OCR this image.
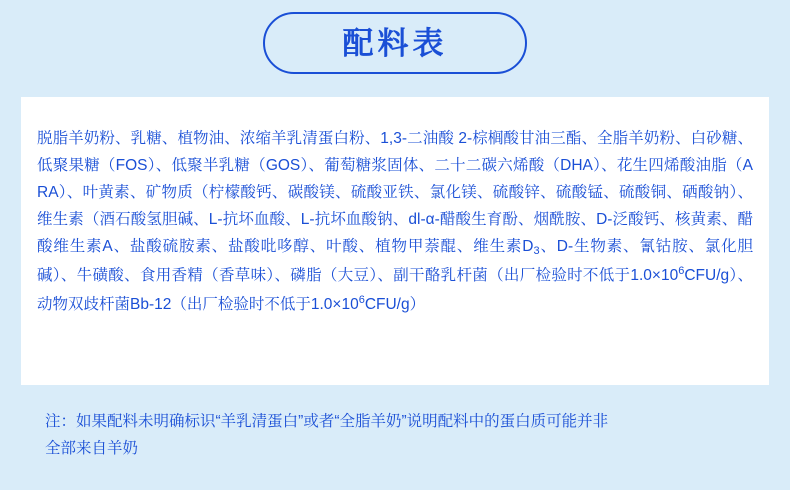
配料表
脱脂羊奶粉、乳糖、植物油、浓缩羊乳清蛋白粉、1,3-二油酸 2-棕榈酸甘油三酯、全脂羊奶粉、白砂糖、低聚果糖（FOS）、低聚半乳糖（GOS）、葡萄糖浆固体、二十二碳六烯酸（DHA）、花生四烯酸油脂（ARA）、叶黄素、矿物质（柠檬酸钙、碳酸镁、硫酸亚铁、氯化镁、硫酸锌、硫酸锰、硫酸铜、硒酸钠）、维生素（酒石酸氢胆碱、L-抗坏血酸、L-抗坏血酸钠、dl-α-醋酸生育酚、烟酰胺、D-泛酸钙、核黄素、醋酸维生素A、盐酸硫胺素、盐酸吡哆醇、叶酸、植物甲萘醌、维生素$D_3$、D-生物素、氰钴胺、氯化胆碱）、牛磺酸、食用香精（香草味）、磷脂（大豆）、副干酪乳杆菌（出厂检验时不低于$1.0\times 10^6CFU/g$）、动物双歧杆菌Bb-12（出厂检验时不低于$1.0\times 10^6CFU/g$）
注：如果配料未明确标识“羊乳清蛋白”或者“全脂羊奶”说明配料中的蛋白质可能并非
全部来自羊奶
